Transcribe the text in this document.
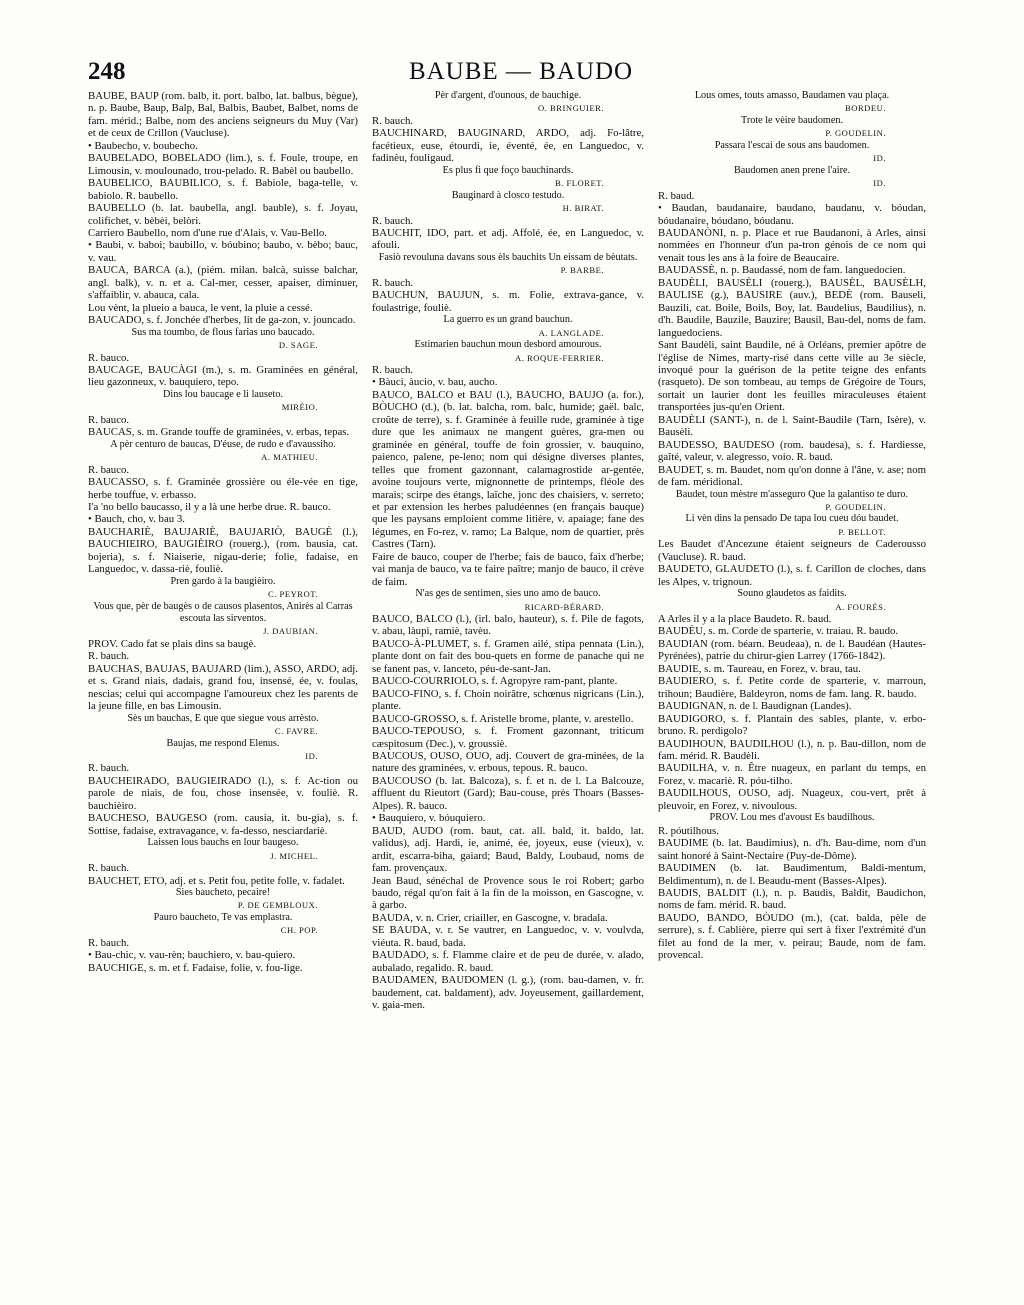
248	BAUBE — BAUDO

BAUBE, BAUP (rom. balb, it. port. balbo, lat. balbus, bègue), n. p. Baube, Baup, Balp, Bal, Balbis, Baubet, Balbet, noms de fam. mérid.; Balbe, nom des anciens seigneurs du Muy (Var) et de ceux de Crillon (Vaucluse).

• Baubecho, v. boubecho.

BAUBELADO, BOBELADO (lim.), s. f. Foule, troupe, en Limousin, v. moulounado, trou-pelado. R. Babèl ou baubello.

BAUBELICO, BAUBILICO, s. f. Babiole, baga-telle, v. babiolo. R. baubello.

BAUBELLO (b. lat. baubella, angl. bauble), s. f. Joyau, colifichet, v. bèbèi, belòri.

Carriero Baubello, nom d'une rue d'Alais, v. Vau-Bello.

• Baubi, v. baboi; baubillo, v. bóubino; baubo, v. bèbo; bauc, v. vau.

BAUCA, BARCA (a.), (piém. milan. balcà, suisse balchar, angl. balk), v. n. et a. Cal-mer, cesser, apaiser, diminuer, s'affaiblir, v. abauca, cala.

Lou vènt, la plueio a bauca, le vent, la pluie a cessé.

BAUCADO, s. f. Jonchée d'herbes, lit de ga-zon, v. jouncado.

Sus ma toumbo, de flous farias uno baucado.

D. SAGE.

R. bauco.

BAUCAGE, BAUCÀGI (m.), s. m. Graminées en général, lieu gazonneux, v. bauquiero, tepo.

Dins lou baucage e li lauseto.

MIRÈIO.

R. bauco.

BAUCAS, s. m. Grande touffe de graminées, v. erbas, tepas.

A pèr centuro de baucas, D'éuse, de rudo e d'avaussiho.

A. MATHIEU.

R. bauco.

BAUCASSO, s. f. Graminée grossière ou éle-vée en tige, herbe touffue, v. erbasso.

I'a 'no bello baucasso, il y a là une herbe drue. R. bauco.

• Bauch, cho, v. bau 3.

BAUCHARIÈ, BAUJARIÈ, BAUJARIÒ, BAUGÈ (l.), BAUCHIEIRO, BAUGIÈIRO (rouerg.), (rom. bausia, cat. bojeria), s. f. Niaiserie, nigau-derie; folie, fadaise, en Languedoc, v. dassa-riè, fouliè.

Pren gardo à la baugièiro.

C. PEYROT.

Vous que, pèr de baugès o de causos plasentos, Anirès al Carras escouta las sirventos.

J. DAUBIAN.

PROV. Cado fat se plais dins sa baugè.

R. bauch.

BAUCHAS, BAUJAS, BAUJARD (lim.), ASSO, ARDO, adj. et s. Grand niais, dadais, grand fou, insensé, ée, v. foulas, nescias; celui qui accompagne l'amoureux chez les parents de la jeune fille, en bas Limousin.

Sès un bauchas, E que que siegue vous arrèsto.

C. FAVRE.

Baujas, me respond Elenus.

ID.

R. bauch.

BAUCHEIRADO, BAUGIEIRADO (l.), s. f. Ac-tion ou parole de niais, de fou, chose insensée, v. fouliè. R. bauchièiro.

BAUCHESO, BAUGESO (rom. causia, it. bu-gia), s. f. Sottise, fadaise, extravagance, v. fa-desso, nesciardariè.

Laissen lous bauchs en lour baugeso.

J. MICHEL.

R. bauch.

BAUCHET, ETO, adj. et s. Petit fou, petite folle, v. fadalet.

Sies baucheto, pecaire!

P. DE GEMBLOUX.

Pauro baucheto, Te vas emplastra.

CH. POP.

R. bauch.

• Bau-chic, v. vau-rèn; bauchiero, v. bau-quiero.

BAUCHIGE, s. m. et f. Fadaise, folie, v. fou-lige.

Pèr d'argent, d'ounous, de bauchige.

O. BRINGUIER.

R. bauch.

BAUCHINARD, BAUGINARD, ARDO, adj. Fo-lâtre, facétieux, euse, étourdi, ie, éventé, ée, en Languedoc, v. fadinèu, fouligaud.

Es plus fi que foço bauchinards.

B. FLORET.

Bauginard à closco testudo.

H. BIRAT.

R. bauch.

BAUCHIT, IDO, part. et adj. Affolé, ée, en Languedoc, v. afouli.

Fasiò revouluna davans sous èls bauchits Un eissam de bèutats.

P. BARBE.

R. bauch.

BAUCHUN, BAUJUN, s. m. Folie, extrava-gance, v. foulastrige, fouliè.

La guerro es un grand bauchun.

A. LANGLADE.

Estimarien bauchun moun desbord amourous.

A. ROQUE-FERRIER.

R. bauch.

• Bàuci, àucio, v. bau, aucho.

BAUCO, BALCO et BAU (l.), BAUCHO, BAUJO (a. for.), BÒUCHO (d.), (b. lat. balcha, rom. balc, humide; gaël. balc, croûte de terre), s. f. Graminée à feuille rude, graminée à tige dure que les animaux ne mangent guères, gra-men ou graminée en général, touffe de foin grossier, v. bauquino, paienco, palene, pe-leno; nom qui désigne diverses plantes, telles que froment gazonnant, calamagrostide ar-gentée, avoine toujours verte, mignonnette de printemps, fléole des marais; scirpe des étangs, laîche, jonc des chaisiers, v. serreto; et par extension les herbes paludéennes (en français bauque) que les paysans emploient comme litière, v. apaiage; fane des légumes, en Fo-rez, v. ramo; La Balque, nom de quartier, près Castres (Tarn).

Faire de bauco, couper de l'herbe; fais de bauco, faix d'herbe; vai manja de bauco, va te faire paître; manjo de bauco, il crève de faim.

N'as ges de sentimen, sies uno amo de bauco.

RICARD-BÉRARD.

BAUCO, BALCO (l.), (irl. balo, hauteur), s. f. Pile de fagots, v. abau, làupi, ramiè, tavèu.

BAUCO-À-PLUMET, s. f. Gramen ailé, stipa pennata (Lin.), plante dont on fait des bou-quets en forme de panache qui ne se fanent pas, v. lanceto, péu-de-sant-Jan.

BAUCO-COURRIOLO, s. f. Agropyre ram-pant, plante.

BAUCO-FINO, s. f. Choin noirâtre, schœnus nigricans (Lin.), plante.

BAUCO-GROSSO, s. f. Aristelle brome, plante, v. arestello.

BAUCO-TEPOUSO, s. f. Froment gazonnant, triticum cæspitosum (Dec.), v. groussiè.

BAUCOUS, OUSO, OUO, adj. Couvert de gra-minées, de la nature des graminées, v. erbous, tepous. R. bauco.

BAUCOUSO (b. lat. Balcoza), s. f. et n. de l. La Balcouze, affluent du Rieutort (Gard); Bau-couse, près Thoars (Basses-Alpes). R. bauco.

• Bauquiero, v. bóuquiero.

BAUD, AUDO (rom. baut, cat. all. bald, it. baldo, lat. validus), adj. Hardi, ie, animé, ée, joyeux, euse (vieux), v. ardit, escarra-biha, gaiard; Baud, Baldy, Loubaud, noms de fam. provençaux.

Jean Baud, sénéchal de Provence sous le roi Robert; garbo baudo, régal qu'on fait à la fin de la moisson, en Gascogne, v. à garbo.

BAUDA, v. n. Crier, criailler, en Gascogne, v. bradala.

SE BAUDA, v. r. Se vautrer, en Languedoc, v. v. voulvda, viéuta. R. baud, bada.

BAUDADO, s. f. Flamme claire et de peu de durée, v. alado, aubalado, regalido. R. baud.

BAUDAMEN, BAUDOMEN (l. g.), (rom. bau-damen, v. fr. baudement, cat. baldament), adv. Joyeusement, gaillardement, v. gaia-men.

Lous omes, touts amasso, Baudamen vau plaça.

BORDEU.

Trote le vèire baudomen.

P. GOUDELIN.

Passara l'escai de sous ans baudomen.

ID.

Baudomen anen prene l'aire.

ID.

R. baud.

• Baudan, baudanaire, baudano, baudanu, v. bóudan, bóudanaire, bóudano, bóudanu.

BAUDANÒNI, n. p. Place et rue Baudanoni, à Arles, ainsi nommées en l'honneur d'un pa-tron génois de ce nom qui venait tous les ans à la foire de Beaucaire.

BAUDASSÈ, n. p. Baudassé, nom de fam. languedocien.

BAUDÈLI, BAUSÈLI (rouerg.), BAUSÈL, BAUSÈLH, BAULISE (g.), BAUSIRE (auv.), BEDÈ (rom. Bauseli, Bauzili, cat. Boile, Boils, Boy, lat. Baudelius, Baudilius), n. d'h. Baudile, Bauzile, Bauzire; Bausil, Bau-del, noms de fam. languedociens.

Sant Baudèli, saint Baudile, né à Orléans, premier apôtre de l'église de Nimes, marty-risé dans cette ville au 3e siècle, invoqué pour la guérison de la petite teigne des enfants (rasqueto). De son tombeau, au temps de Grégoire de Tours, sortait un laurier dont les feuilles miraculeuses étaient transportées jus-qu'en Orient.

BAUDÈLI (SANT-), n. de l. Saint-Baudile (Tarn, Isère), v. Bausèli.

BAUDESSO, BAUDESO (rom. baudesa), s. f. Hardiesse, gaîté, valeur, v. alegresso, voio. R. baud.

BAUDET, s. m. Baudet, nom qu'on donne à l'âne, v. ase; nom de fam. méridional.

Baudet, toun mèstre m'asseguro Que la galantiso te duro.

P. GOUDELIN.

Li vèn dins la pensado De tapa lou cueu dóu baudet.

P. BELLOT.

Les Baudet d'Ancezune étaient seigneurs de Caderousso (Vaucluse). R. baud.

BAUDETO, GLAUDETO (l.), s. f. Carillon de cloches, dans les Alpes, v. trignoun.

Souno glaudetos as faidits.

A. FOURÈS.

A Arles il y a la place Baudeto. R. baud.

BAUDÈU, s. m. Corde de sparterie, v. traiau. R. baudo.

BAUDIAN (rom. béarn. Beudeaa), n. de l. Baudéan (Hautes-Pyrénées), patrie du chirur-gien Larrey (1766-1842).

BAUDIE, s. m. Taureau, en Forez, v. brau, tau.

BAUDIERO, s. f. Petite corde de sparterie, v. marroun, trihoun; Baudière, Baldeyron, noms de fam. lang. R. baudo.

BAUDIGNAN, n. de l. Baudignan (Landes).

BAUDIGORO, s. f. Plantain des sables, plante, v. erbo-bruno. R. perdigolo?

BAUDIHOUN, BAUDILHOU (l.), n. p. Bau-dillon, nom de fam. mérid. R. Baudèli.

BAUDILHA, v. n. Être nuageux, en parlant du temps, en Forez, v. macariè. R. póu-tilho.

BAUDILHOUS, OUSO, adj. Nuageux, cou-vert, prêt à pleuvoir, en Forez, v. nivoulous.

PROV. Lou mes d'avoust Es baudilhous.

R. póutilhous.

BAUDIME (b. lat. Baudimius), n. d'h. Bau-dime, nom d'un saint honoré à Saint-Nectaire (Puy-de-Dôme).

BAUDIMEN (b. lat. Baudimentum, Baldi-mentum, Beldimentum), n. de l. Beaudu-ment (Basses-Alpes).

BAUDIS, BALDIT (l.), n. p. Baudis, Baldit, Baudichon, noms de fam. mérid. R. baud.

BAUDO, BANDO, BÒUDO (m.), (cat. balda, pèle de serrure), s. f. Cablière, pierre qui sert à fixer l'extrémité d'un filet au fond de la mer, v. peirau; Baude, nom de fam. provencal.
